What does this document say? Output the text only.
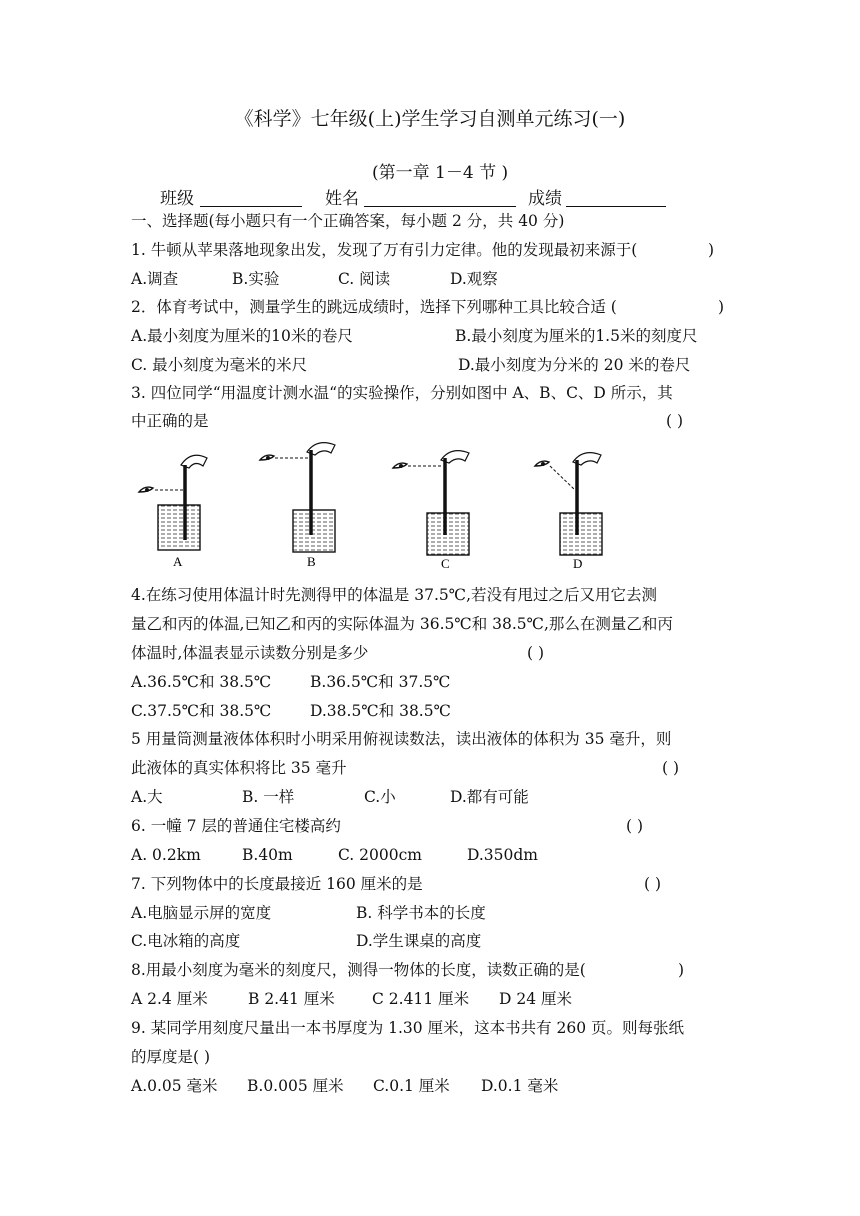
《科学》七年级(上)学生学习自测单元练习(一)
(第一章 1－4 节 )
班级	姓名	成绩
一、选择题(每小题只有一个正确答案，每小题 2 分，共 40 分)
1. 牛顿从苹果落地现象出发，发现了万有引力定律。他的发现最初来源于(	)
A.调查	B.实验	C. 阅读	D.观察
2．体育考试中，测量学生的跳远成绩时，选择下列哪种工具比较合适 (	)
A.最小刻度为厘米的10米的卷尺	B.最小刻度为厘米的1.5米的刻度尺
C. 最小刻度为毫米的米尺	D.最小刻度为分米的 20 米的卷尺
3. 四位同学“用温度计测水温“的实验操作，分别如图中 A、B、C、D 所示，其
中正确的是	( )
A	B	C	D
4.在练习使用体温计时先测得甲的体温是 37.5℃,若没有甩过之后又用它去测
量乙和丙的体温,已知乙和丙的实际体温为 36.5℃和 38.5℃,那么在测量乙和丙
体温时,体温表显示读数分别是多少	( )
A.36.5℃和 38.5℃	B.36.5℃和 37.5℃
C.37.5℃和 38.5℃ D.38.5℃和 38.5℃
5 用量筒测量液体体积时小明采用俯视读数法，读出液体的体积为 35 毫升，则
此液体的真实体积将比 35 毫升	( )
A.大	B. 一样	C.小	D.都有可能
6. 一幢 7 层的普通住宅楼高约	( )
A. 0.2km	B.40m	C. 2000cm	D.350dm
7. 下列物体中的长度最接近 160 厘米的是	( )
A.电脑显示屏的宽度	B. 科学书本的长度
C.电冰箱的高度	D.学生课桌的高度
8.用最小刻度为毫米的刻度尺，测得一物体的长度，读数正确的是(	)
A 2.4 厘米	B 2.41 厘米 C 2.411 厘米 D 24 厘米
9. 某同学用刻度尺量出一本书厚度为 1.30 厘米，这本书共有 260 页。则每张纸
的厚度是( )
A.0.05 毫米 B.0.005 厘米 C.0.1 厘米 D.0.1 毫米
